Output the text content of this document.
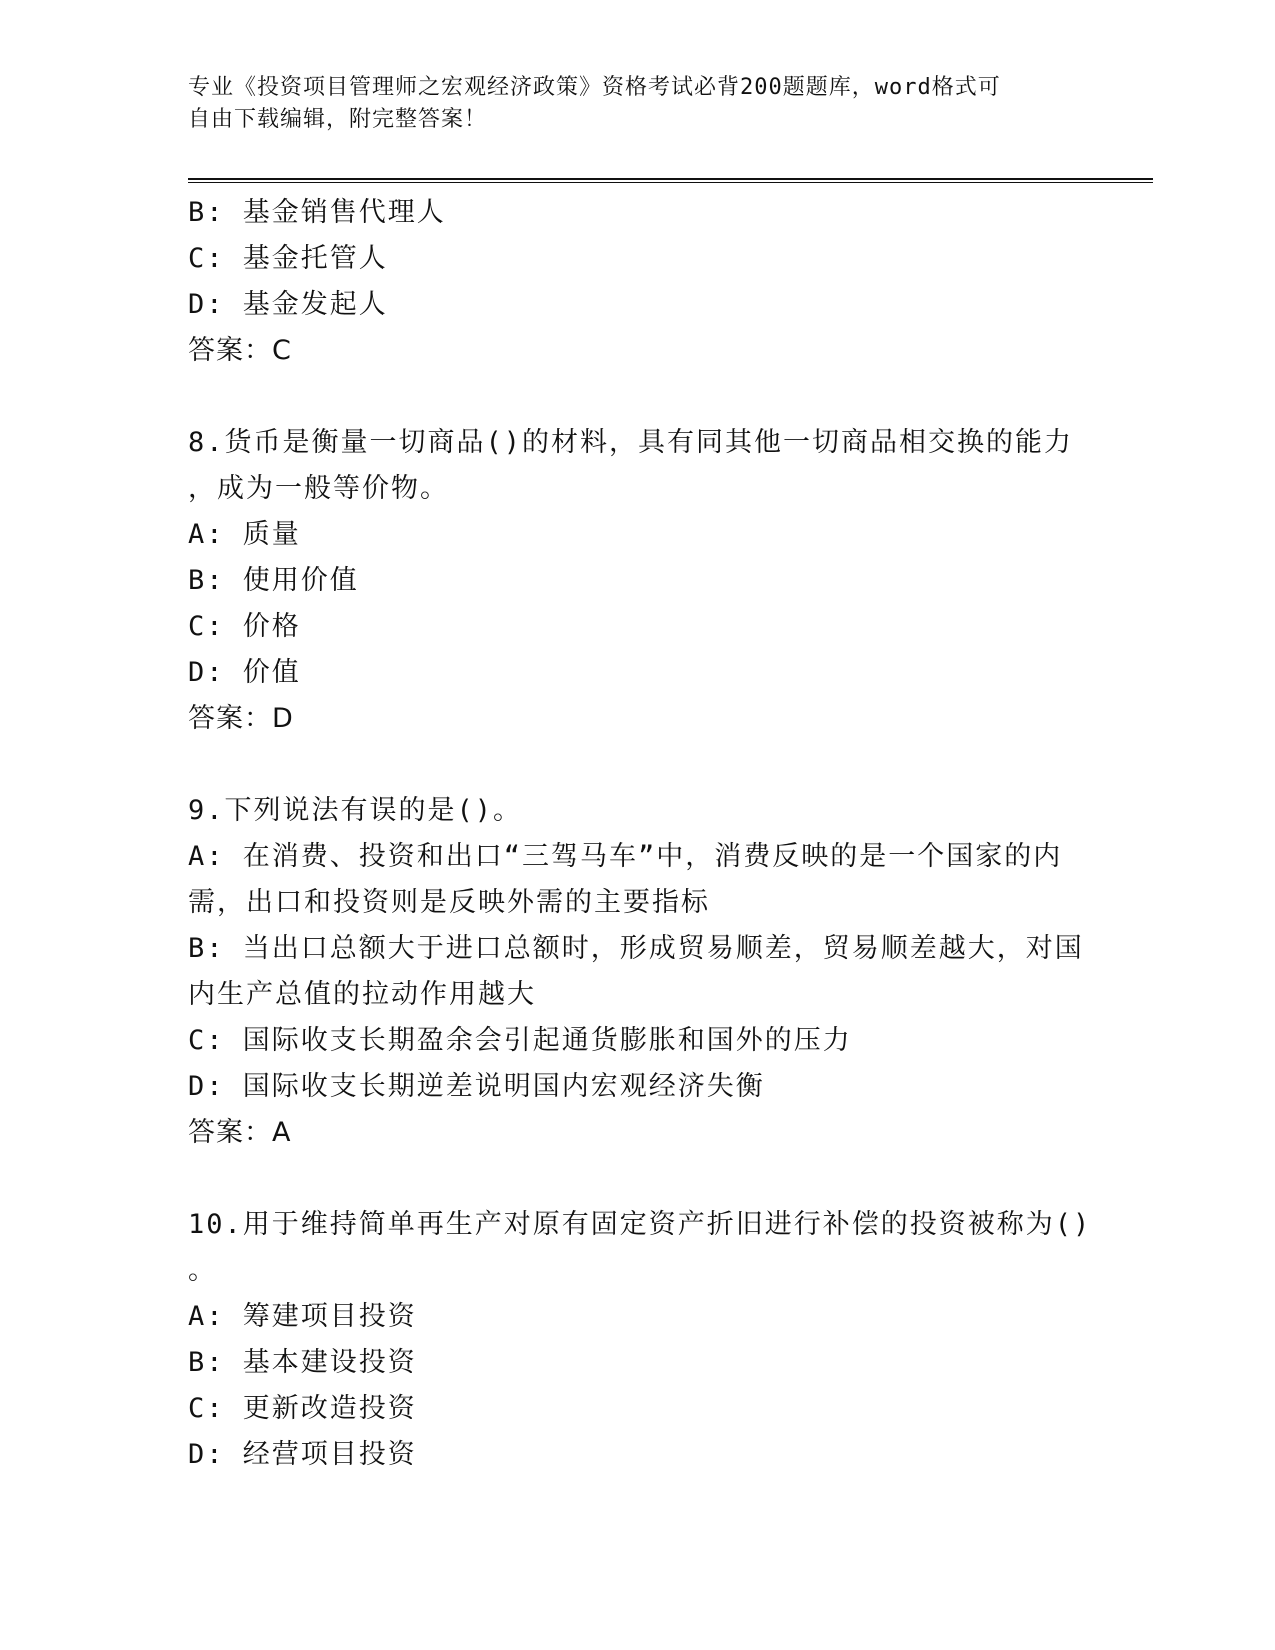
专业《投资项目管理师之宏观经济政策》资格考试必背200题题库，word格式可
自由下载编辑，附完整答案！
B: 基金销售代理人
C: 基金托管人
D: 基金发起人
答案：C
8.货币是衡量一切商品()的材料，具有同其他一切商品相交换的能力
，成为一般等价物。
A: 质量
B: 使用价值
C: 价格
D: 价值
答案：D
9.下列说法有误的是()。
A: 在消费、投资和出口“三驾马车”中，消费反映的是一个国家的内
需，出口和投资则是反映外需的主要指标
B: 当出口总额大于进口总额时，形成贸易顺差，贸易顺差越大，对国
内生产总值的拉动作用越大
C: 国际收支长期盈余会引起通货膨胀和国外的压力
D: 国际收支长期逆差说明国内宏观经济失衡
答案：A
10.用于维持简单再生产对原有固定资产折旧进行补偿的投资被称为()
。
A: 筹建项目投资
B: 基本建设投资
C: 更新改造投资
D: 经营项目投资
